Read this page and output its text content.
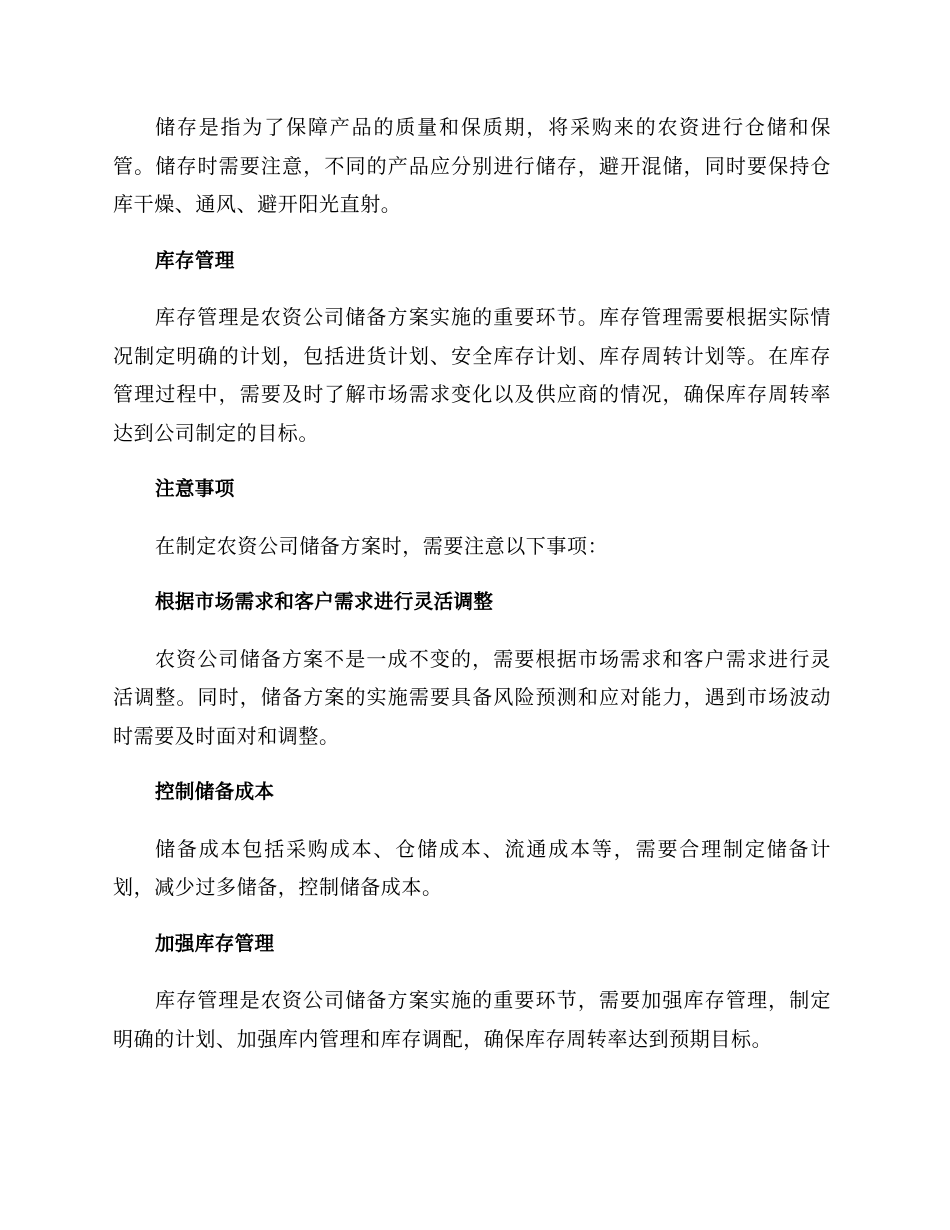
储存是指为了保障产品的质量和保质期，将采购来的农资进行仓储和保管。储存时需要注意，不同的产品应分别进行储存，避开混储，同时要保持仓库干燥、通风、避开阳光直射。

库存管理

库存管理是农资公司储备方案实施的重要环节。库存管理需要根据实际情况制定明确的计划，包括进货计划、安全库存计划、库存周转计划等。在库存管理过程中，需要及时了解市场需求变化以及供应商的情况，确保库存周转率达到公司制定的目标。

注意事项

在制定农资公司储备方案时，需要注意以下事项：

根据市场需求和客户需求进行灵活调整

农资公司储备方案不是一成不变的，需要根据市场需求和客户需求进行灵活调整。同时，储备方案的实施需要具备风险预测和应对能力，遇到市场波动时需要及时面对和调整。

控制储备成本

储备成本包括采购成本、仓储成本、流通成本等，需要合理制定储备计划，减少过多储备，控制储备成本。

加强库存管理

库存管理是农资公司储备方案实施的重要环节，需要加强库存管理，制定明确的计划、加强库内管理和库存调配，确保库存周转率达到预期目标。
